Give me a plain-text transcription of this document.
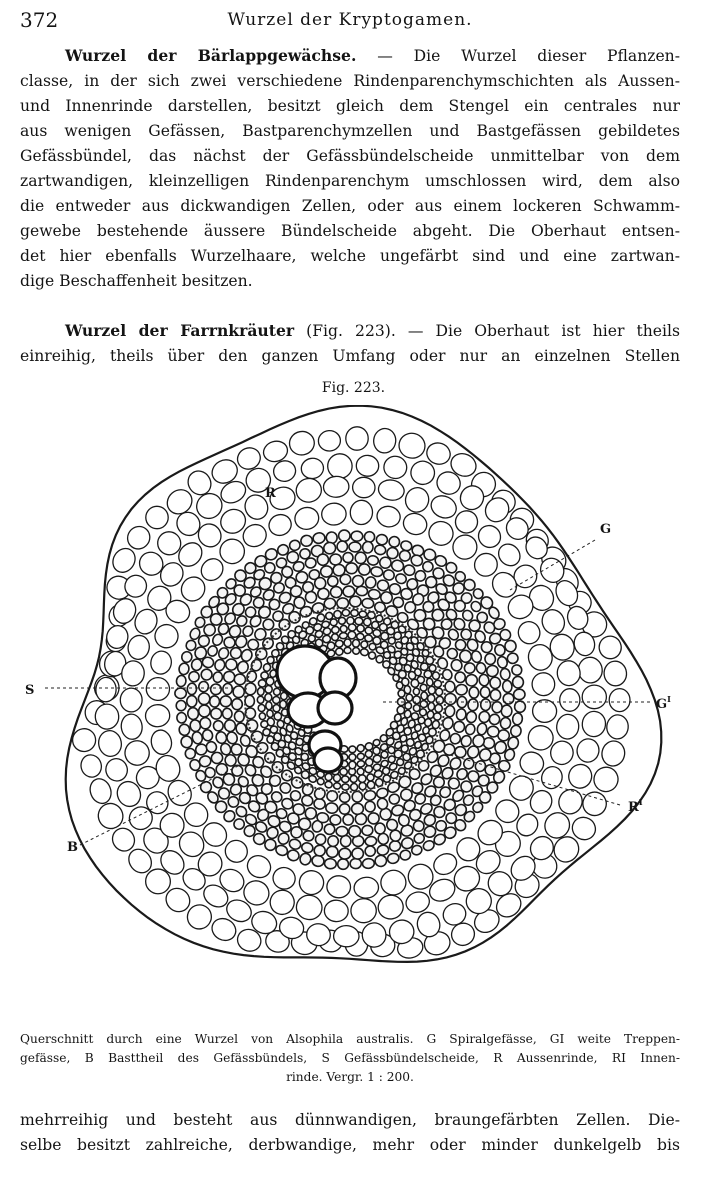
372	Wurzel der Kryptogamen.

Wurzel der Bärlappgewächse. — Die Wurzel dieser Pflanzen-
classe, in der sich zwei verschiedene Rindenparenchymschichten als Aussen-
und Innenrinde darstellen, besitzt gleich dem Stengel ein centrales nur
aus wenigen Gefässen, Bastparenchymzellen und Bastgefässen gebildetes
Gefässbündel, das nächst der Gefässbündelscheide unmittelbar von dem
zartwandigen, kleinzelligen Rindenparenchym umschlossen wird, dem also
die entweder aus dickwandigen Zellen, oder aus einem lockeren Schwamm-
gewebe bestehende äussere Bündelscheide abgeht. Die Oberhaut entsen-
det hier ebenfalls Wurzelhaare, welche ungefärbt sind und eine zartwan-
dige Beschaffenheit besitzen.

Wurzel der Farrnkräuter (Fig. 223). — Die Oberhaut ist hier theils
einreihig, theils über den ganzen Umfang oder nur an einzelnen Stellen

Fig. 223.
R
G
S
$G^I$
$R^I$
B

Querschnitt durch eine Wurzel von Alsophila australis. G Spiralgefässe, GI weite Treppen-
gefässe, B Basttheil des Gefässbündels, S Gefässbündelscheide, R Aussenrinde, RI Innen-
rinde. Vergr. 1 : 200.

mehrreihig und besteht aus dünnwandigen, braungefärbten Zellen. Die-
selbe besitzt zahlreiche, derbwandige, mehr oder minder dunkelgelb bis
